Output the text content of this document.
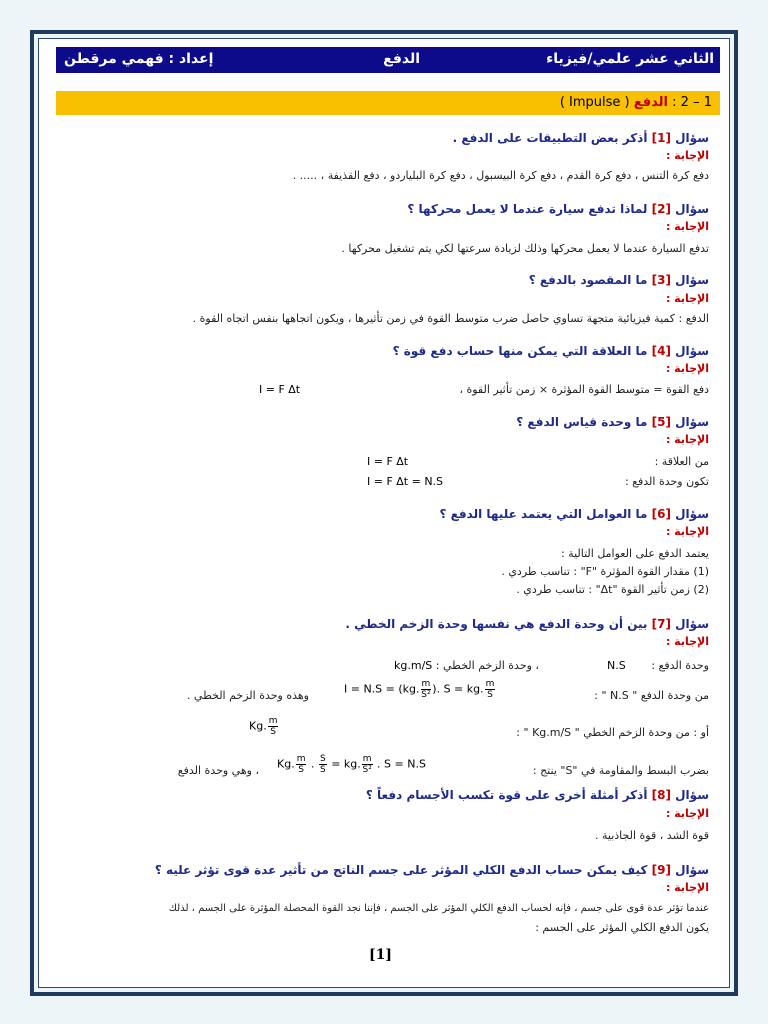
الثاني عشر علمي/فيزياء
الدفع
إعداد : فهمي مرقطن
1 – 2 : الدفع ( Impulse )
سؤال [1] أذكر بعض التطبيقات على الدفع .
الإجابة :
دفع كرة التنس ، دفع كرة القدم ، دفع كرة البيسبول ، دفع كرة البلياردو ، دفع القذيفة ، ..... .
سؤال [2] لماذا تدفع سيارة عندما لا يعمل محركها ؟
الإجابة :
تدفع السيارة عندما لا يعمل محركها وذلك لزيادة سرعتها لكي يتم تشغيل محركها .
سؤال [3] ما المقصود بالدفع ؟
الإجابة :
الدفع : كمية فيزيائية متجهة تساوي حاصل ضرب متوسط القوة في زمن تأثيرها ، ويكون اتجاهها بنفس اتجاه القوة .
سؤال [4] ما العلاقة التي يمكن منها حساب دفع قوة ؟
الإجابة :
دفع القوة = متوسط القوة المؤثرة × زمن تأثير القوة ،
I = F Δt
سؤال [5] ما وحدة قياس الدفع ؟
الإجابة :
من العلاقة :
I = F Δt
تكون وحدة الدفع :
I = F Δt = N.S
سؤال [6] ما العوامل التي يعتمد عليها الدفع ؟
الإجابة :
يعتمد الدفع على العوامل التالية :
(1) مقدار القوة المؤثرة "F" : تناسب طردي .
(2) زمن تأثير القوة "Δt" : تناسب طردي .
سؤال [7] بين أن وحدة الدفع هي نفسها وحدة الزخم الخطي .
الإجابة :
وحدة الدفع :
N.S
، وحدة الزخم الخطي :
kg.m/S
من وحدة الدفع " N.S " :
I = N.S = (kg. $\frac{m}{\text{S²}}$ ). S = kg. $\frac{m}{S}$
وهذه وحدة الزخم الخطي .
أو : من وحدة الزخم الخطي " Kg.m/S " :
Kg. $\frac{m}{S}$
بضرب البسط والمقاومة في "S" ينتج :
Kg. $\frac{m}{S}$ . $\frac{S}{S}$ = kg. $\frac{m}{\text{S²}}$ . S = N.S
، وهي وحدة الدفع
سؤال [8] أذكر أمثلة أخرى على قوة تكسب الأجسام دفعاً ؟
الإجابة :
قوة الشد ، قوة الجاذبية .
سؤال [9] كيف يمكن حساب الدفع الكلي المؤثر على جسم الناتج من تأثير عدة قوى تؤثر عليه ؟
الإجابة :
عندما تؤثر عدة قوى على جسم ، فإنه لحساب الدفع الكلي المؤثر على الجسم ، فإننا نجد القوة المحصلة المؤثرة على الجسم ، لذلك
يكون الدفع الكلي المؤثر على الجسم :
[1]
